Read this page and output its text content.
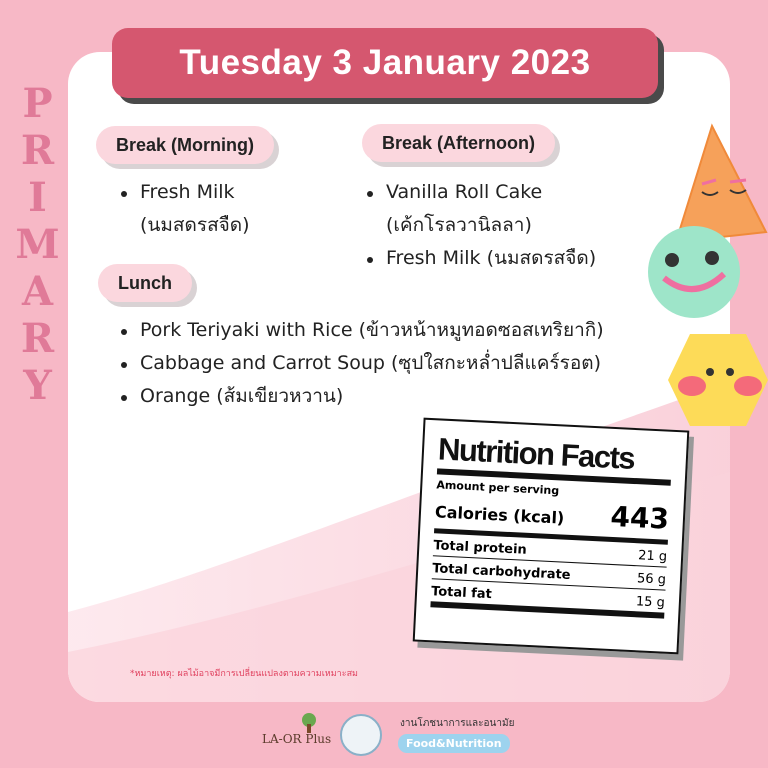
P
R
I
M
A
R
Y
Tuesday 3 January 2023
Break (Morning)
Fresh Milk
(นมสดรสจืด)
Break (Afternoon)
Vanilla Roll Cake
(เค้กโรลวานิลลา)
Fresh Milk (นมสดรสจืด)
Lunch
Pork Teriyaki with Rice (ข้าวหน้าหมูทอดซอสเทริยากิ)
Cabbage and Carrot Soup (ซุปใสกะหล่ำปลีแคร์รอต)
Orange (ส้มเขียวหวาน)
Nutrition Facts
Amount per serving
Calories (kcal) 443
Total protein	21 g
Total carbohydrate	56 g
Total fat
15 g
*หมายเหตุ: ผลไม้อาจมีการเปลี่ยนแปลงตามความเหมาะสม
LA-OR Plus
งานโภชนาการและอนามัย
Food&Nutrition
